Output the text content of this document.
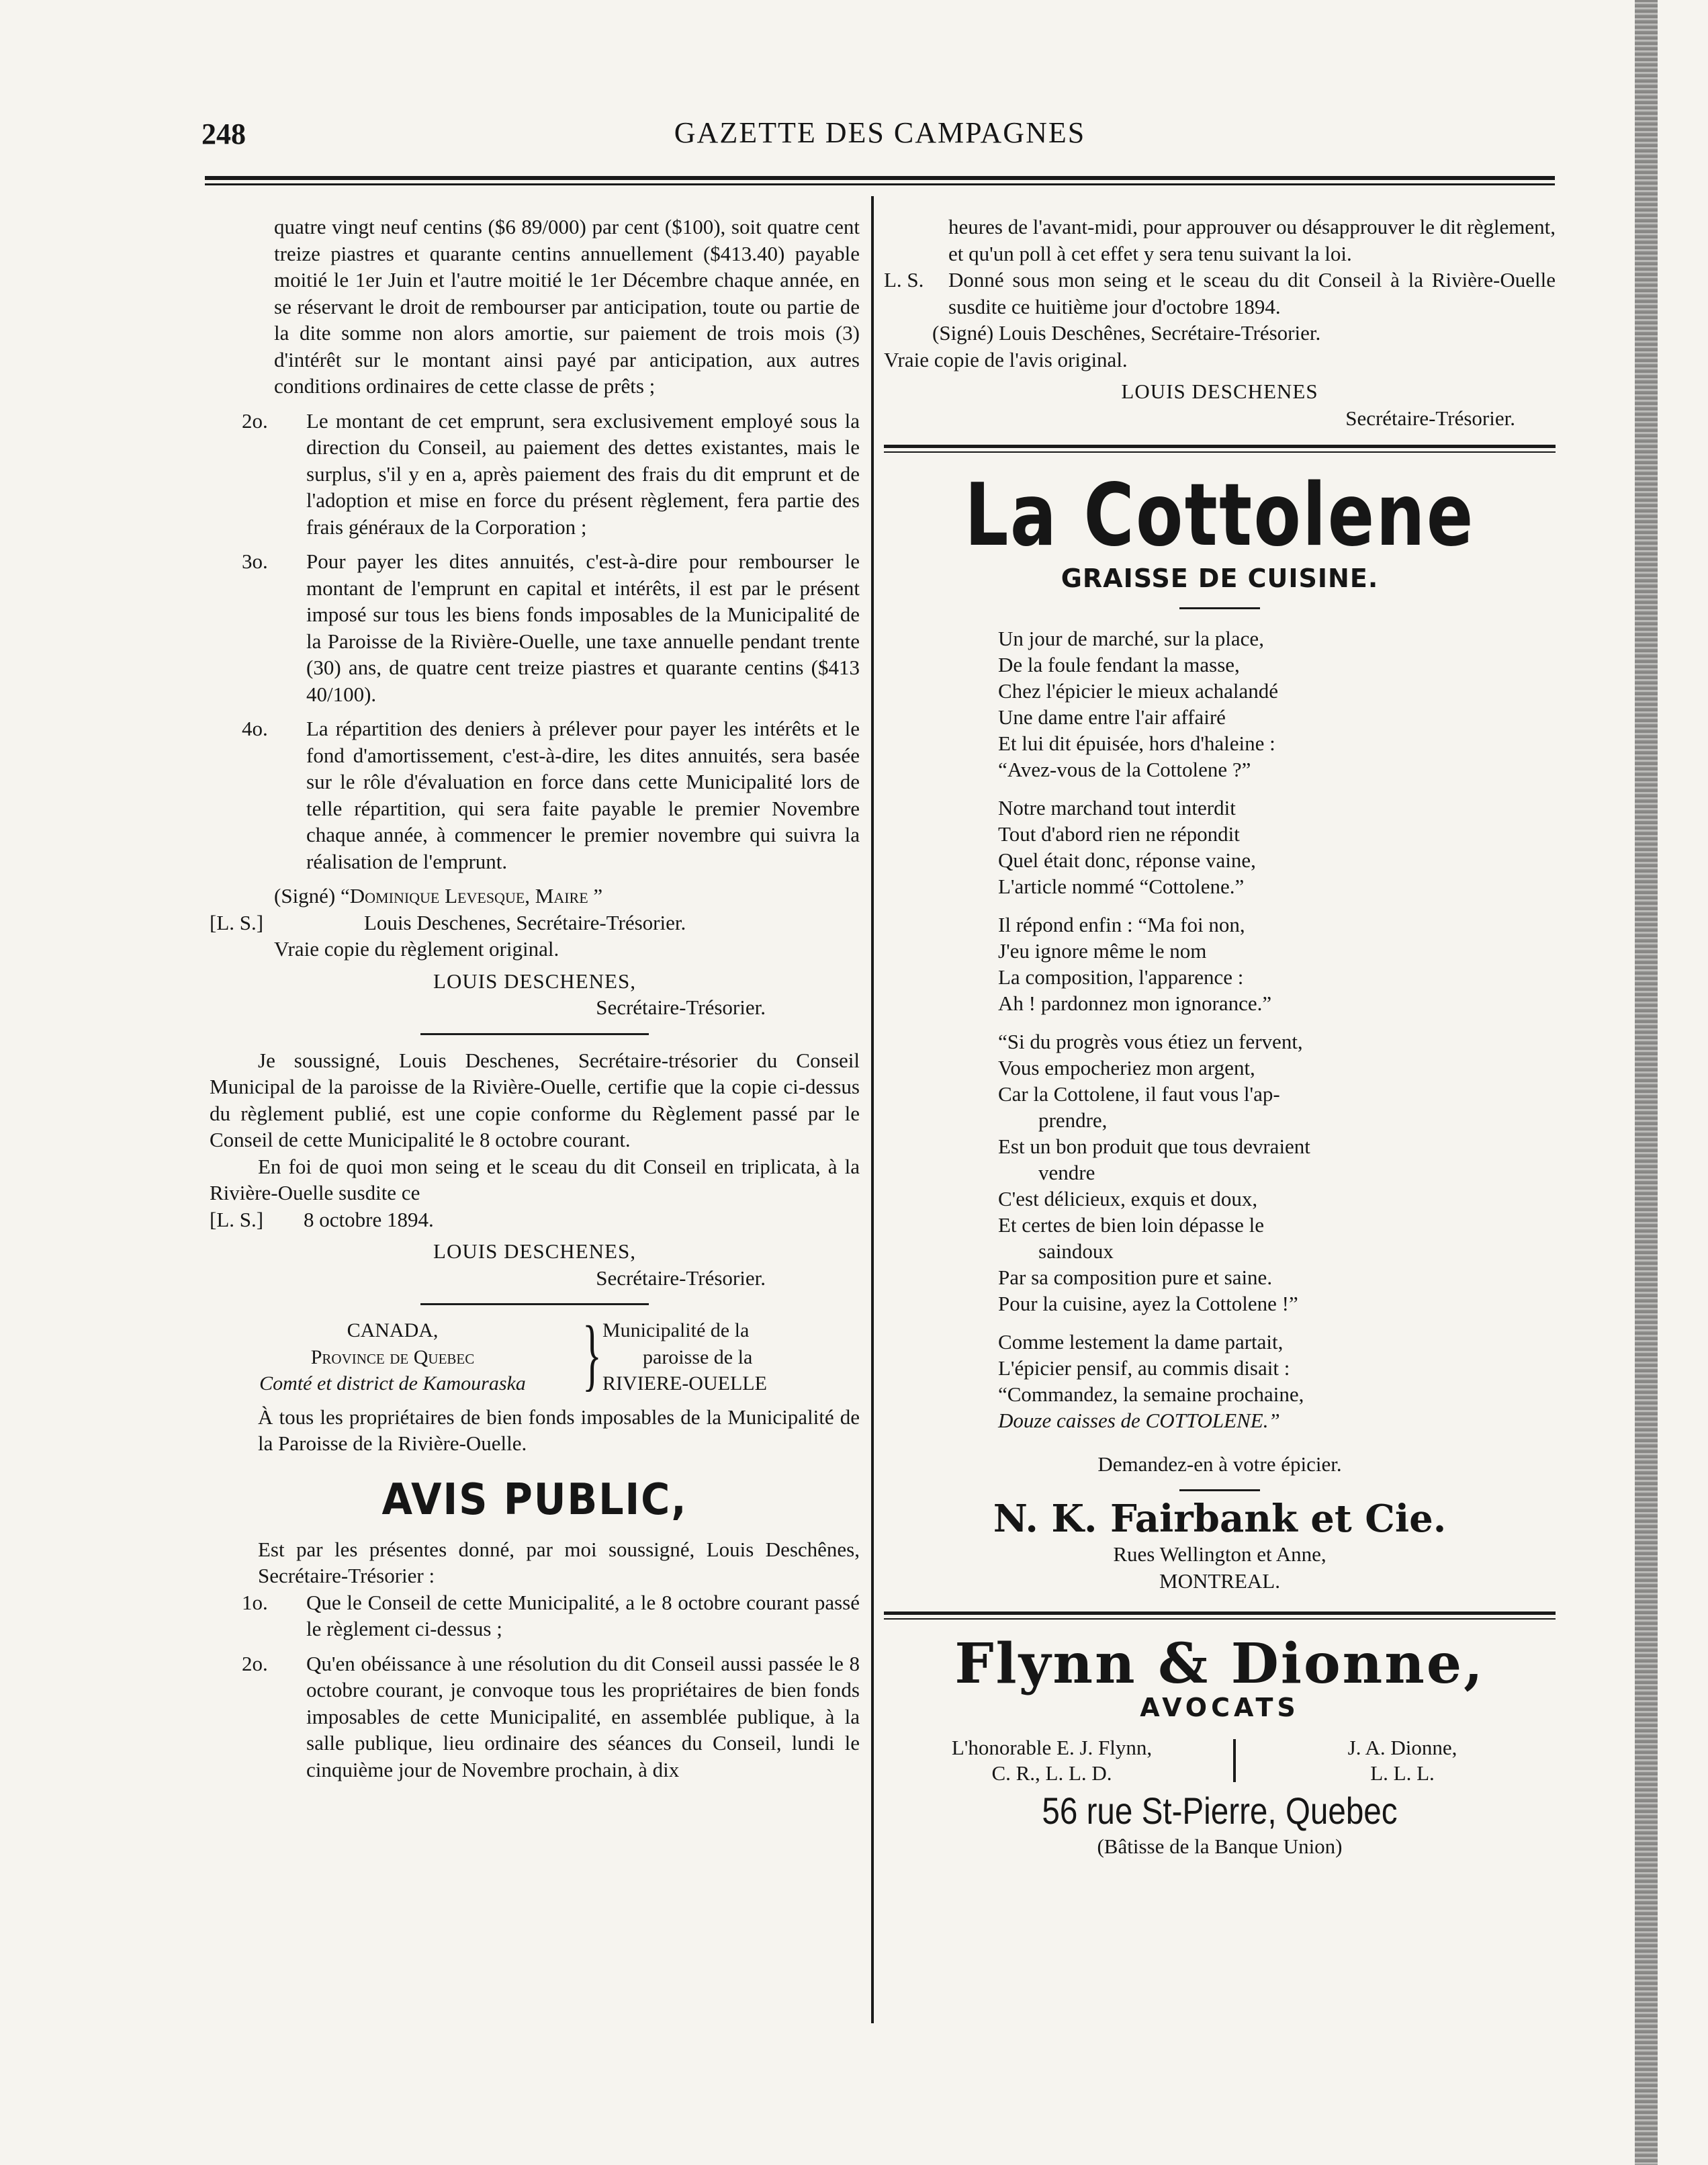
248	GAZETTE DES CAMPAGNES

quatre vingt neuf centins ($6 89/000) par cent ($100), soit quatre cent treize piastres et quarante centins annuellement ($413.40) payable moitié le 1er Juin et l'autre moitié le 1er Décembre chaque année, en se réservant le droit de rembourser par anticipation, toute ou partie de la dite somme non alors amortie, sur paiement de trois mois (3) d'intérêt sur le montant ainsi payé par anticipation, aux autres conditions ordinaires de cette classe de prêts ;

2o.	Le montant de cet emprunt, sera exclusivement employé sous la direction du Conseil, au paiement des dettes existantes, mais le surplus, s'il y en a, après paiement des frais du dit emprunt et de l'adoption et mise en force du présent règlement, fera partie des frais généraux de la Corporation ;
3o.	Pour payer les dites annuités, c'est-à-dire pour rembourser le montant de l'emprunt en capital et intérêts, il est par le présent imposé sur tous les biens fonds imposables de la Municipalité de la Paroisse de la Rivière-Ouelle, une taxe annuelle pendant trente (30) ans, de quatre cent treize piastres et quarante centins ($413 40/100).
4o.	La répartition des deniers à prélever pour payer les intérêts et le fond d'amortissement, c'est-à-dire, les dites annuités, sera basée sur le rôle d'évaluation en force dans cette Municipalité lors de telle répartition, qui sera faite payable le premier Novembre chaque année, à commencer le premier novembre qui suivra la réalisation de l'emprunt.

(Signé) “Dominique Levesque, Maire ”

[L. S.]	Louis Deschenes, Secrétaire-Trésorier.

Vraie copie du règlement original.

LOUIS DESCHENES,

Secrétaire-Trésorier.

Je soussigné, Louis Deschenes, Secrétaire-trésorier du Conseil Municipal de la paroisse de la Rivière-Ouelle, certifie que la copie ci-dessus du règlement publié, est une copie conforme du Règlement passé par le Conseil de cette Municipalité le 8 octobre courant.

En foi de quoi mon seing et le sceau du dit Conseil en triplicata, à la Rivière-Ouelle susdite ce

[L. S.] 8 octobre 1894.

LOUIS DESCHENES,

Secrétaire-Trésorier.

CANADA,
Province de Quebec
Comté et district de Kamouraska } Municipalité de la
paroisse de la
RIVIERE-OUELLE

À tous les propriétaires de bien fonds imposables de la Municipalité de la Paroisse de la Rivière-Ouelle.

AVIS PUBLIC,

Est par les présentes donné, par moi soussigné, Louis Deschênes, Secrétaire-Trésorier :

1o.	Que le Conseil de cette Municipalité, a le 8 octobre courant passé le règlement ci-dessus ;
2o.	Qu'en obéissance à une résolution du dit Conseil aussi passée le 8 octobre courant, je convoque tous les propriétaires de bien fonds imposables de cette Municipalité, en assemblée publique, à la salle publique, lieu ordinaire des séances du Conseil, lundi le cinquième jour de Novembre prochain, à dix

heures de l'avant-midi, pour approuver ou désapprouver le dit règlement, et qu'un poll à cet effet y sera tenu suivant la loi.

L. S.	Donné sous mon seing et le sceau du dit Conseil à la Rivière-Ouelle susdite ce huitième jour d'octobre 1894.

(Signé) Louis Deschênes, Secrétaire-Trésorier.

Vraie copie de l'avis original.

LOUIS DESCHENES

Secrétaire-Trésorier.

La Cottolene

GRAISSE DE CUISINE.

Un jour de marché, sur la place,
De la foule fendant la masse,
Chez l'épicier le mieux achalandé
Une dame entre l'air affairé
Et lui dit épuisée, hors d'haleine :
“Avez-vous de la Cottolene ?”
Notre marchand tout interdit
Tout d'abord rien ne répondit
Quel était donc, réponse vaine,
L'article nommé “Cottolene.”
Il répond enfin : “Ma foi non,
J'eu ignore même le nom
La composition, l'apparence :
Ah ! pardonnez mon ignorance.”
“Si du progrès vous étiez un fervent,
Vous empocheriez mon argent,
Car la Cottolene, il faut vous l'ap-
prendre,
Est un bon produit que tous devraient
vendre
C'est délicieux, exquis et doux,
Et certes de bien loin dépasse le
saindoux
Par sa composition pure et saine.
Pour la cuisine, ayez la Cottolene !”
Comme lestement la dame partait,
L'épicier pensif, au commis disait :
“Commandez, la semaine prochaine,
Douze caisses de COTTOLENE.”

Demandez-en à votre épicier.

N. K. Fairbank et Cie.

Rues Wellington et Anne,

MONTREAL.

Flynn & Dionne,

AVOCATS

L'honorable E. J. Flynn,
C. R., L. L. D.
J. A. Dionne,
L. L. L.

56 rue St-Pierre, Quebec

(Bâtisse de la Banque Union)
